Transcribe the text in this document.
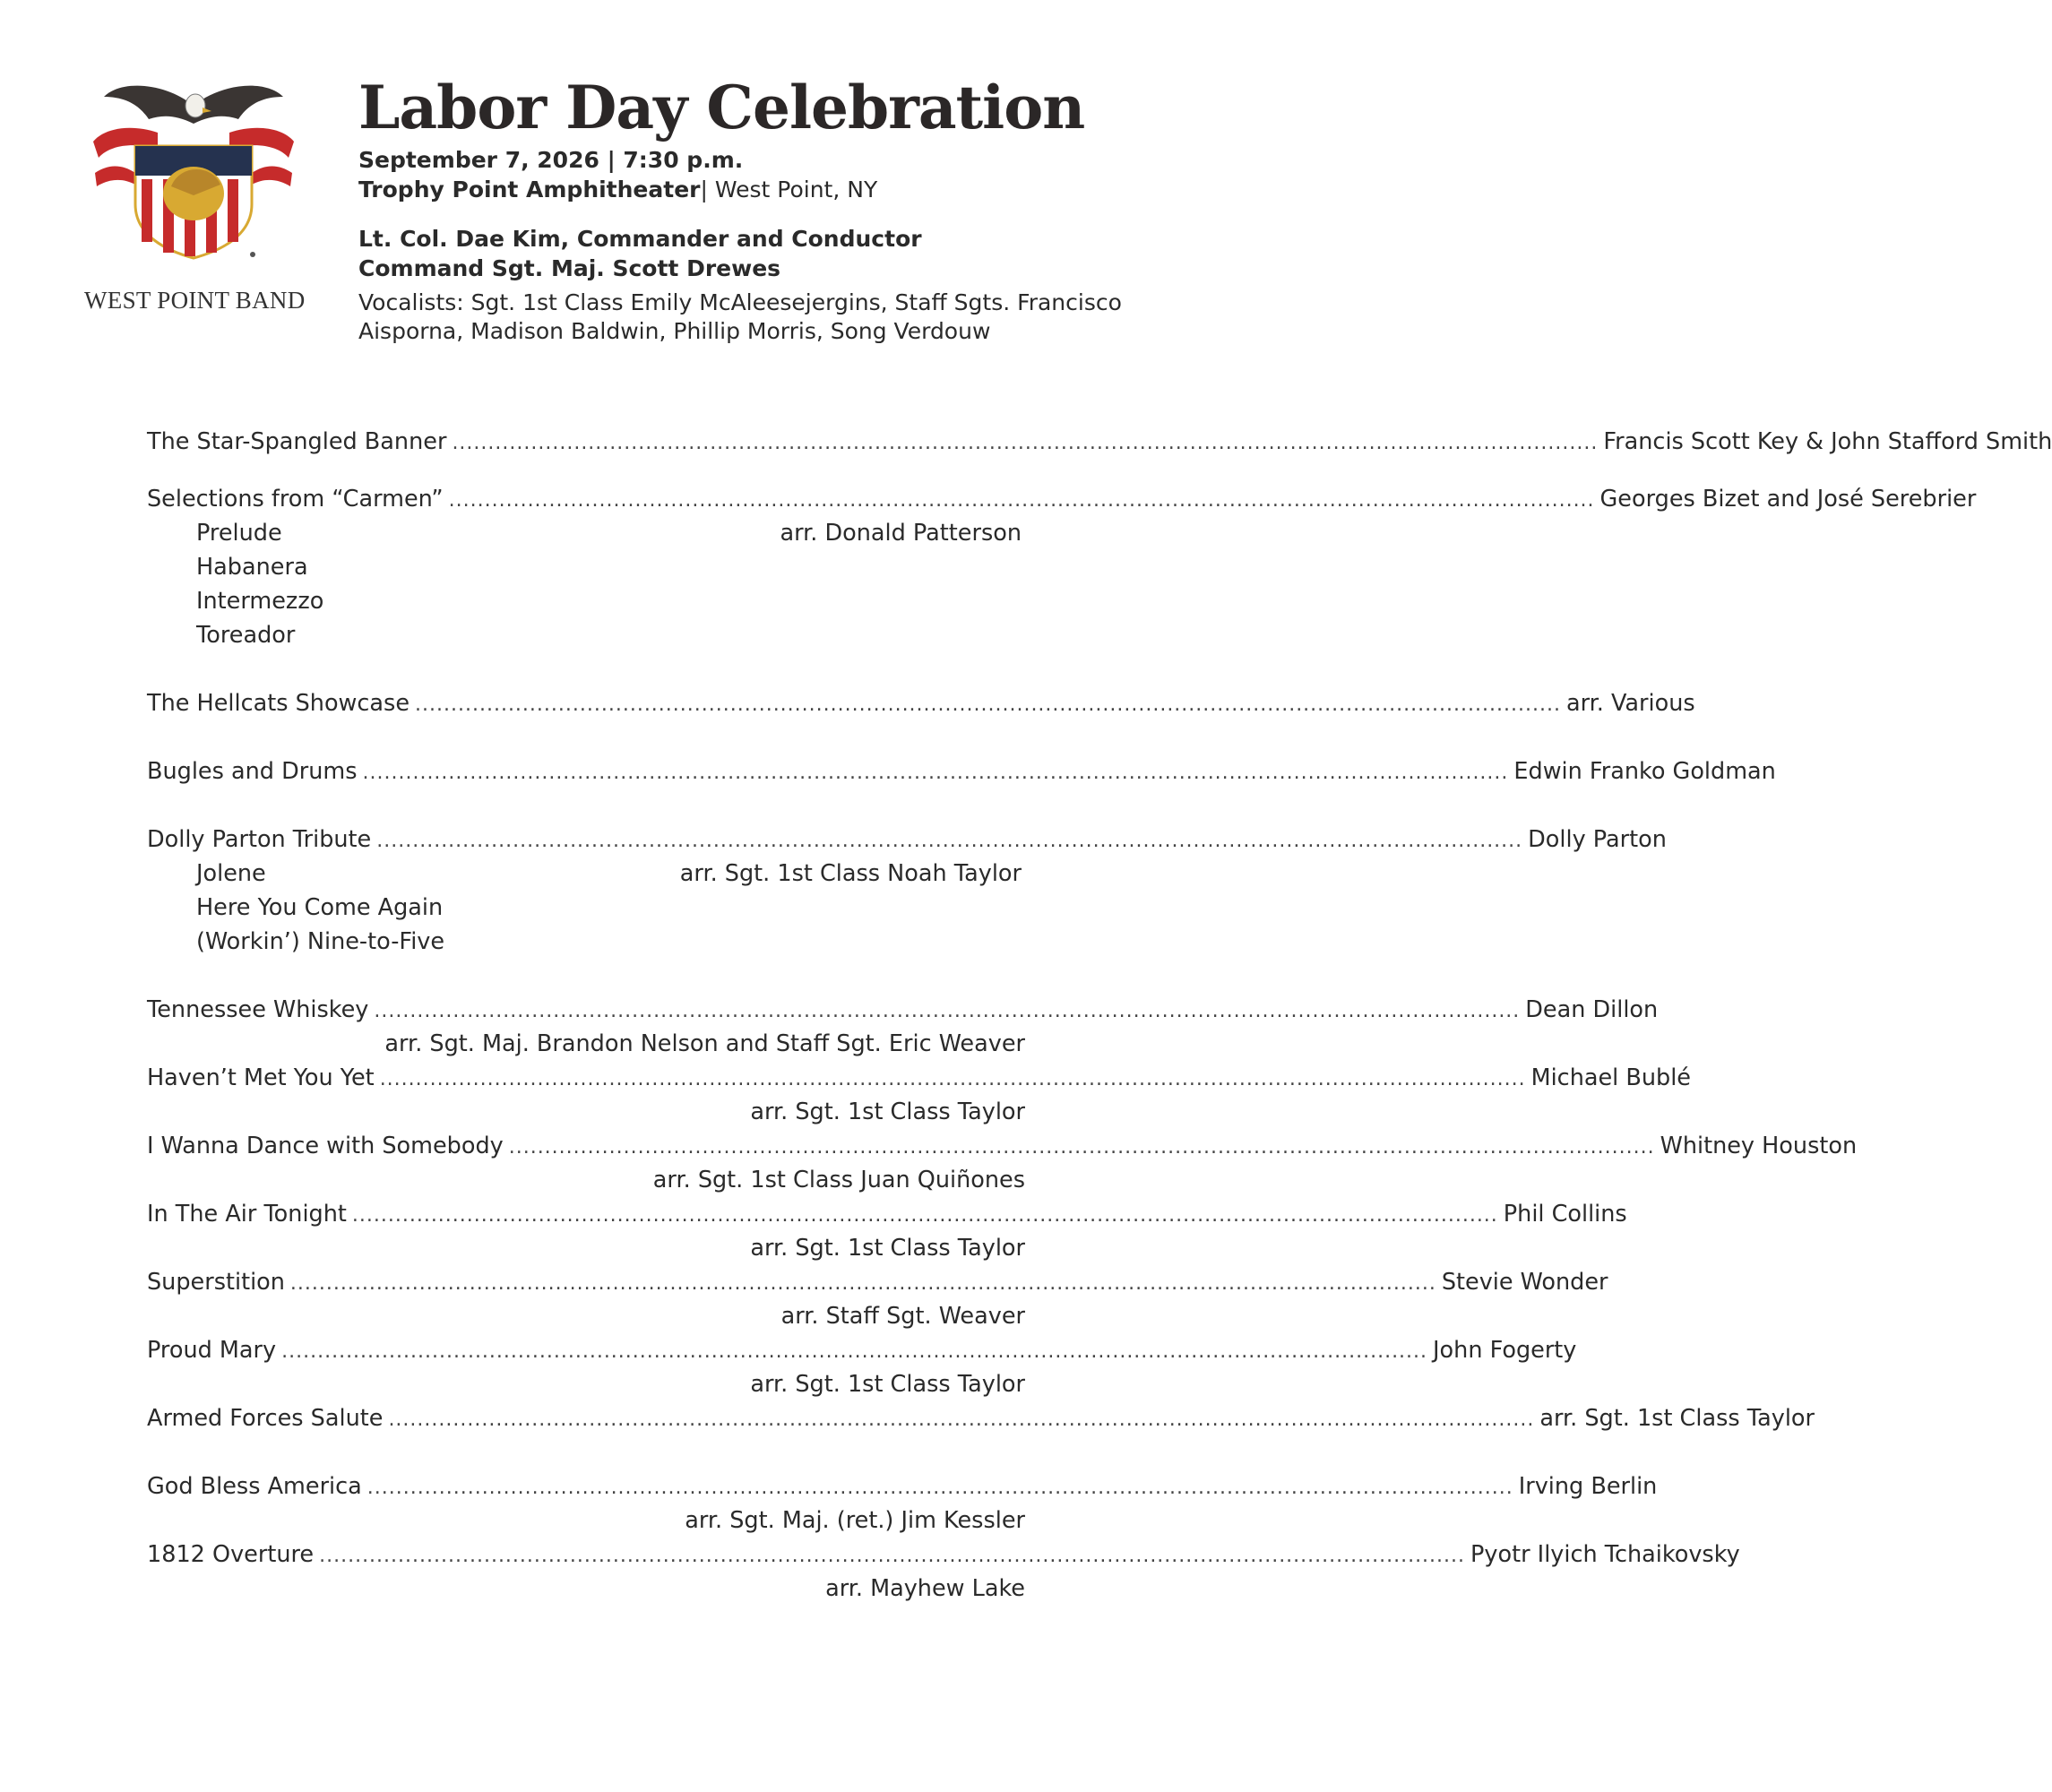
WEST POINT BAND
Labor Day Celebration
September 7, 2026 | 7:30 p.m.
Trophy Point Amphitheater| West Point, NY
Lt. Col. Dae Kim, Commander and Conductor
Command Sgt. Maj. Scott Drewes
Vocalists: Sgt. 1st Class Emily McAleesejergins, Staff Sgts. Francisco
Aisporna, Madison Baldwin, Phillip Morris, Song Verdouw
The Star-Spangled Banner ................................................................................................................................................................ Francis Scott Key & John Stafford Smith
Selections from “Carmen” ................................................................................................................................................................ Georges Bizet and José Serebrier
Prelude	arr. Donald Patterson
Habanera
Intermezzo
Toreador
The Hellcats Showcase ................................................................................................................................................................ arr. Various
Bugles and Drums ................................................................................................................................................................ Edwin Franko Goldman
Dolly Parton Tribute ................................................................................................................................................................ Dolly Parton
Jolene	arr. Sgt. 1st Class Noah Taylor
Here You Come Again
(Workin’) Nine-to-Five
Tennessee Whiskey ................................................................................................................................................................ Dean Dillon
arr. Sgt. Maj. Brandon Nelson and Staff Sgt. Eric Weaver
Haven’t Met You Yet ................................................................................................................................................................ Michael Bublé
arr. Sgt. 1st Class Taylor
I Wanna Dance with Somebody ................................................................................................................................................................ Whitney Houston
arr. Sgt. 1st Class Juan Quiñones
In The Air Tonight ................................................................................................................................................................ Phil Collins
arr. Sgt. 1st Class Taylor
Superstition ................................................................................................................................................................ Stevie Wonder
arr. Staff Sgt. Weaver
Proud Mary ................................................................................................................................................................ John Fogerty
arr. Sgt. 1st Class Taylor
Armed Forces Salute ................................................................................................................................................................ arr. Sgt. 1st Class Taylor
God Bless America ................................................................................................................................................................ Irving Berlin
arr. Sgt. Maj. (ret.) Jim Kessler
1812 Overture ................................................................................................................................................................ Pyotr Ilyich Tchaikovsky
arr. Mayhew Lake
